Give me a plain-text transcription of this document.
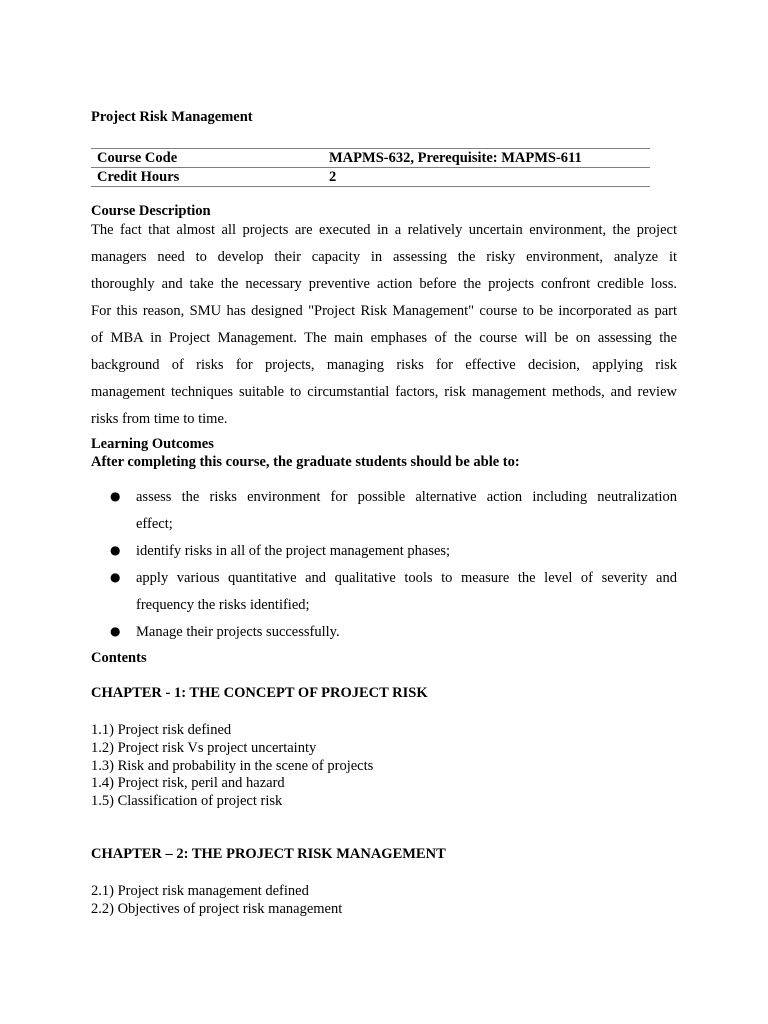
Project Risk Management
Course Code	MAPMS-632, Prerequisite: MAPMS-611
Credit Hours	2
Course Description
The fact that almost all projects are executed in a relatively uncertain environment, the project
managers need to develop their capacity in assessing the risky environment, analyze it
thoroughly and take the necessary preventive action before the projects confront credible loss.
For this reason, SMU has designed "Project Risk Management" course to be incorporated as part
of MBA in Project Management. The main emphases of the course will be on assessing the
background of risks for projects, managing risks for effective decision, applying risk
management techniques suitable to circumstantial factors, risk management methods, and review
risks from time to time.
Learning Outcomes
After completing this course, the graduate students should be able to:
● assess the risks environment for possible alternative action including neutralization
effect;
● identify risks in all of the project management phases;
● apply various quantitative and qualitative tools to measure the level of severity and
frequency the risks identified;
● Manage their projects successfully.
Contents
CHAPTER - 1: THE CONCEPT OF PROJECT RISK
1.1) Project risk defined
1.2) Project risk Vs project uncertainty
1.3) Risk and probability in the scene of projects
1.4) Project risk, peril and hazard
1.5) Classification of project risk
CHAPTER – 2: THE PROJECT RISK MANAGEMENT
2.1) Project risk management defined
2.2) Objectives of project risk management
